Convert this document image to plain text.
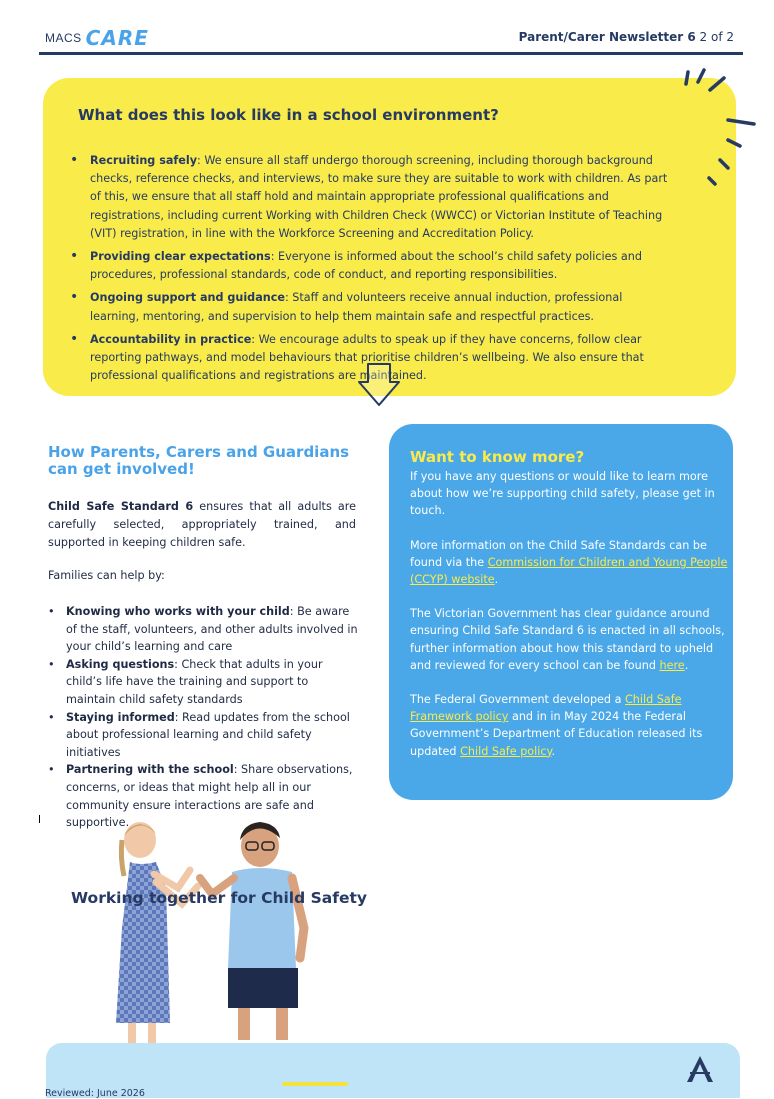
MACS CARE	Parent/Carer Newsletter 6 2 of 2
What does this look like in a school environment?
• Recruiting safely: We ensure all staff undergo thorough screening, including thorough background checks, reference checks, and interviews, to make sure they are suitable to work with children. As part of this, we ensure that all staff hold and maintain appropriate professional qualifications and registrations, including current Working with Children Check (WWCC) or Victorian Institute of Teaching (VIT) registration, in line with the Workforce Screening and Accreditation Policy.
• Providing clear expectations: Everyone is informed about the school’s child safety policies and procedures, professional standards, code of conduct, and reporting responsibilities.
• Ongoing support and guidance: Staff and volunteers receive annual induction, professional learning, mentoring, and supervision to help them maintain safe and respectful practices.
• Accountability in practice: We encourage adults to speak up if they have concerns, follow clear reporting pathways, and model behaviours that prioritise children’s wellbeing. We also ensure that professional qualifications and registrations are maintained.
How Parents, Carers and Guardians can get involved!
Child Safe Standard 6 ensures that all adults are carefully selected, appropriately trained, and supported in keeping children safe.
Families can help by:
• Knowing who works with your child: Be aware of the staff, volunteers, and other adults involved in your child’s learning and care
• Asking questions: Check that adults in your child’s life have the training and support to maintain child safety standards
• Staying informed: Read updates from the school about professional learning and child safety initiatives
• Partnering with the school: Share observations, concerns, or ideas that might help all in our community ensure interactions are safe and supportive.
Want to know more?

If you have any questions or would like to learn more about how we’re supporting child safety, please get in touch.

More information on the Child Safe Standards can be found via the Commission for Children and Young People (CCYP) website.

The Victorian Government has clear guidance around ensuring Child Safe Standard 6 is enacted in all schools, further information about how this standard to upheld and reviewed for every school can be found here.

The Federal Government developed a Child Safe Framework policy and in in May 2024 the Federal Government’s Department of Education released its updated Child Safe policy.

Working together for Child Safety
Reviewed: June 2026
